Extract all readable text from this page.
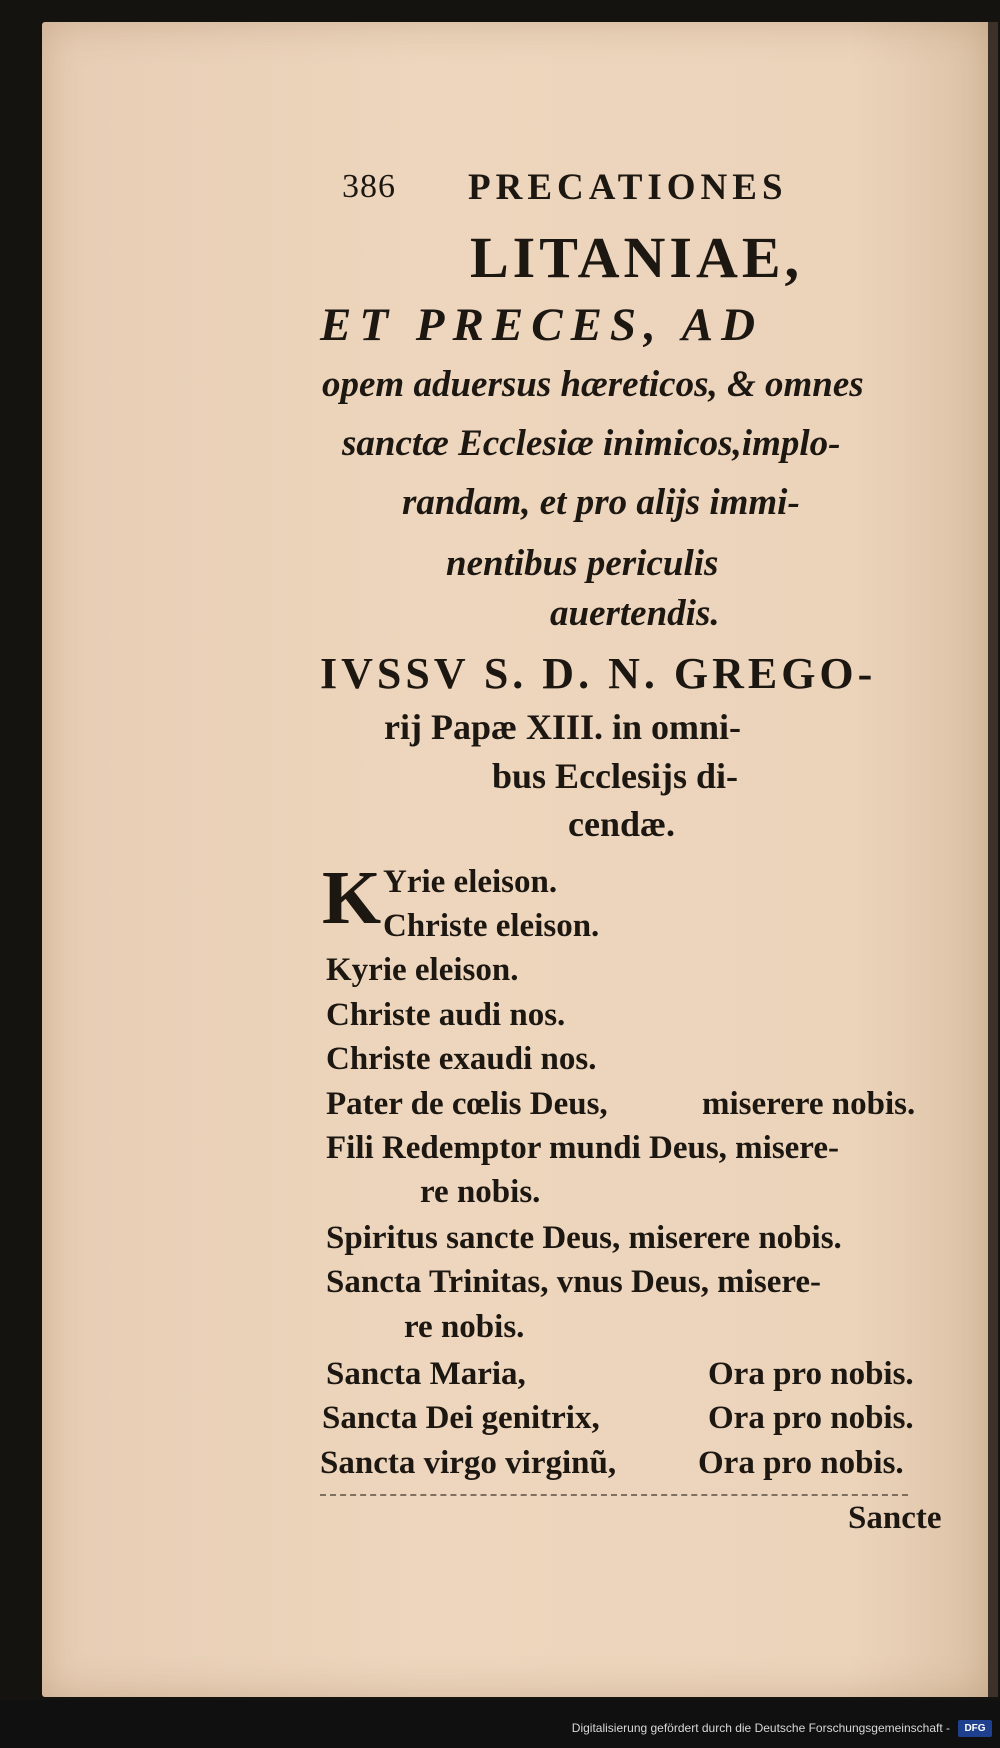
386 PRECATIONES
LITANIAE,
ET PRECES, AD
opem aduersus hæreticos, & omnes
sanctæ Ecclesiæ inimicos,implo-
randam, et pro alijs immi-
nentibus periculis
auertendis.
IVSSV S. D. N. GREGO-
rij Papæ XIII. in omni-
bus Ecclesijs di-
cendæ.
K Yrie eleison.
Christe eleison.
Kyrie eleison.
Christe audi nos.
Christe exaudi nos.
Pater de cœlis Deus,	miserere nobis.
Fili Redemptor mundi Deus, misere-
re nobis.
Spiritus sancte Deus, miserere nobis.
Sancta Trinitas, vnus Deus, misere-
re nobis.
Sancta Maria,	Ora pro nobis.
Sancta Dei genitrix,	Ora pro nobis.
Sancta virgo virginũ, Ora pro nobis.
Sancte
Digitalisierung gefördert durch die Deutsche Forschungsgemeinschaft -	DFG
